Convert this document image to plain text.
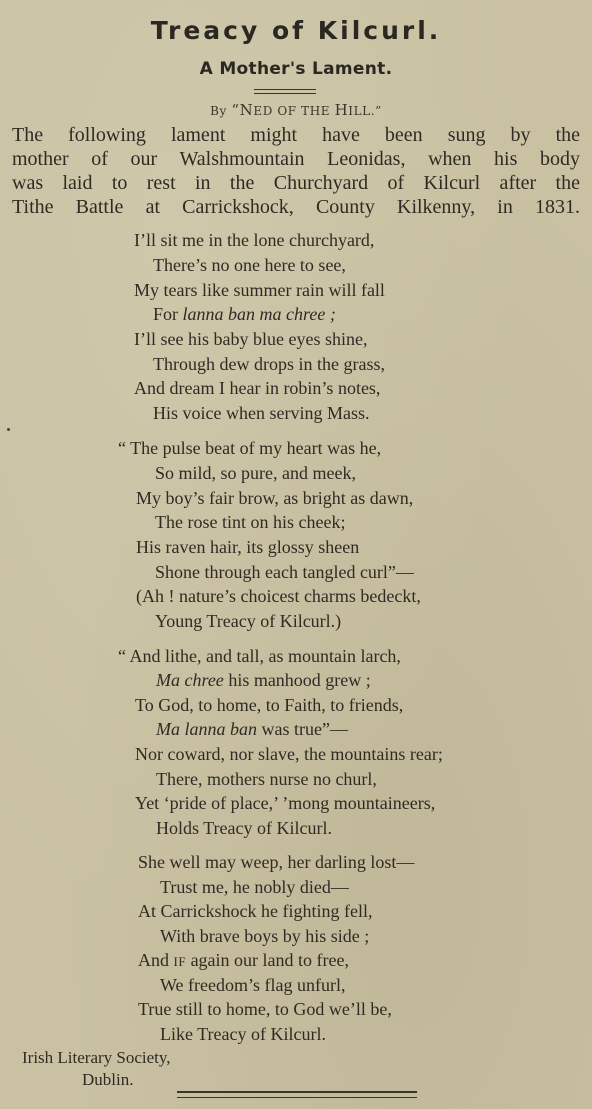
Treacy of Kilcurl.
A Mother's Lament.
By “NED OF THE HILL.”
The following lament might have been sung by the
mother of our Walshmountain Leonidas, when his body
was laid to rest in the Churchyard of Kilcurl after the
Tithe Battle at Carrickshock, County Kilkenny, in 1831.
I’ll sit me in the lone churchyard,
There’s no one here to see,
My tears like summer rain will fall
For lanna ban ma chree ;
I’ll see his baby blue eyes shine,
Through dew drops in the grass,
And dream I hear in robin’s notes,
His voice when serving Mass.
“ The pulse beat of my heart was he,
So mild, so pure, and meek,
My boy’s fair brow, as bright as dawn,
The rose tint on his cheek;
His raven hair, its glossy sheen
Shone through each tangled curl”—
(Ah ! nature’s choicest charms bedeckt,
Young Treacy of Kilcurl.)
“ And lithe, and tall, as mountain larch,
Ma chree his manhood grew ;
To God, to home, to Faith, to friends,
Ma lanna ban was true”—
Nor coward, nor slave, the mountains rear;
There, mothers nurse no churl,
Yet ‘pride of place,’ ’mong mountaineers,
Holds Treacy of Kilcurl.
She well may weep, her darling lost—
Trust me, he nobly died—
At Carrickshock he fighting fell,
With brave boys by his side ;
And IF again our land to free,
We freedom’s flag unfurl,
True still to home, to God we’ll be,
Like Treacy of Kilcurl.
Irish Literary Society,
Dublin.
